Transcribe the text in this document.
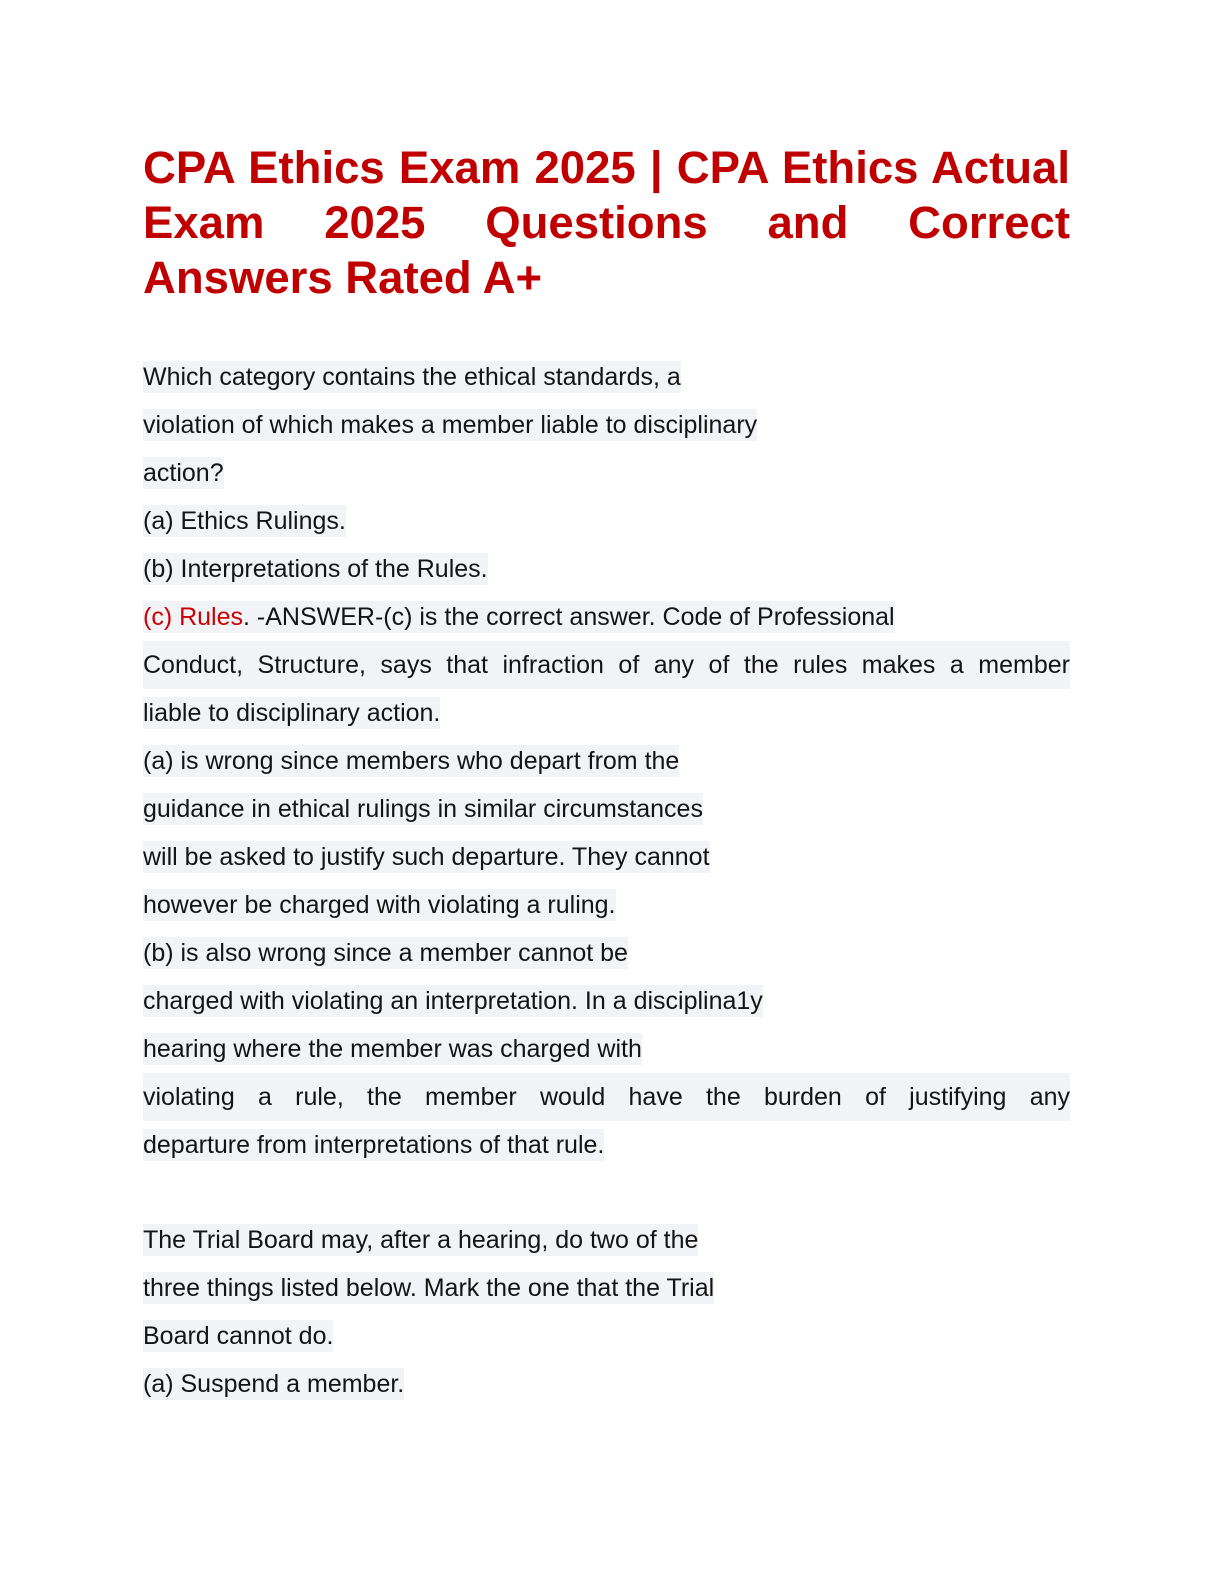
CPA Ethics Exam 2025 | CPA Ethics Actual Exam 2025 Questions and Correct Answers Rated A+
Which category contains the ethical standards, a
violation of which makes a member liable to disciplinary
action?
(a) Ethics Rulings.
(b) Interpretations of the Rules.
(c) Rules. -ANSWER-(c) is the correct answer. Code of Professional
Conduct, Structure, says that infraction of any of the rules makes a member
liable to disciplinary action.
(a) is wrong since members who depart from the
guidance in ethical rulings in similar circumstances
will be asked to justify such departure. They cannot
however be charged with violating a ruling.
(b) is also wrong since a member cannot be
charged with violating an interpretation. In a disciplina1y
hearing where the member was charged with
violating a rule, the member would have the burden of justifying any
departure from interpretations of that rule.
The Trial Board may, after a hearing, do two of the
three things listed below. Mark the one that the Trial
Board cannot do.
(a) Suspend a member.
